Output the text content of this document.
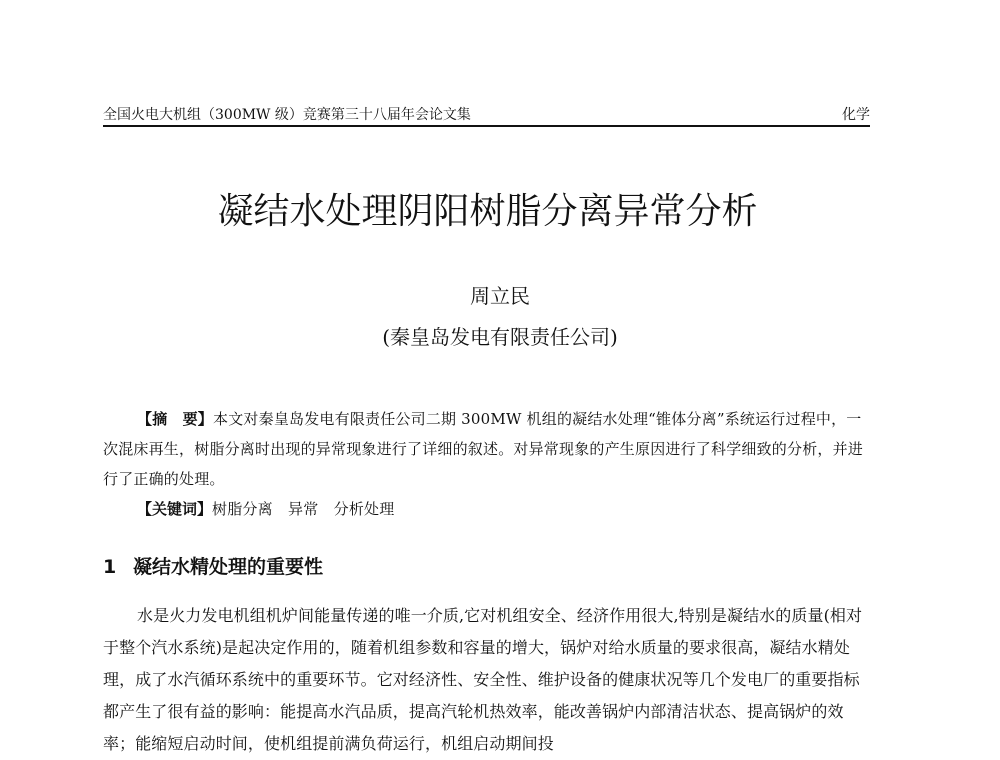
全国火电大机组（300MW 级）竞赛第三十八届年会论文集	化学
凝结水处理阴阳树脂分离异常分析
周立民
(秦皇岛发电有限责任公司)
【摘　要】本文对秦皇岛发电有限责任公司二期 300MW 机组的凝结水处理“锥体分离”系统运行过程中，一次混床再生，树脂分离时出现的异常现象进行了详细的叙述。对异常现象的产生原因进行了科学细致的分析，并进行了正确的处理。
【关键词】树脂分离　异常　分析处理
1 凝结水精处理的重要性
水是火力发电机组机炉间能量传递的唯一介质,它对机组安全、经济作用很大,特别是凝结水的质量(相对于整个汽水系统)是起决定作用的，随着机组参数和容量的增大，锅炉对给水质量的要求很高，凝结水精处理，成了水汽循环系统中的重要环节。它对经济性、安全性、维护设备的健康状况等几个发电厂的重要指标都产生了很有益的影响：能提高水汽品质，提高汽轮机热效率，能改善锅炉内部清洁状态、提高锅炉的效率；能缩短启动时间，使机组提前满负荷运行，机组启动期间投
